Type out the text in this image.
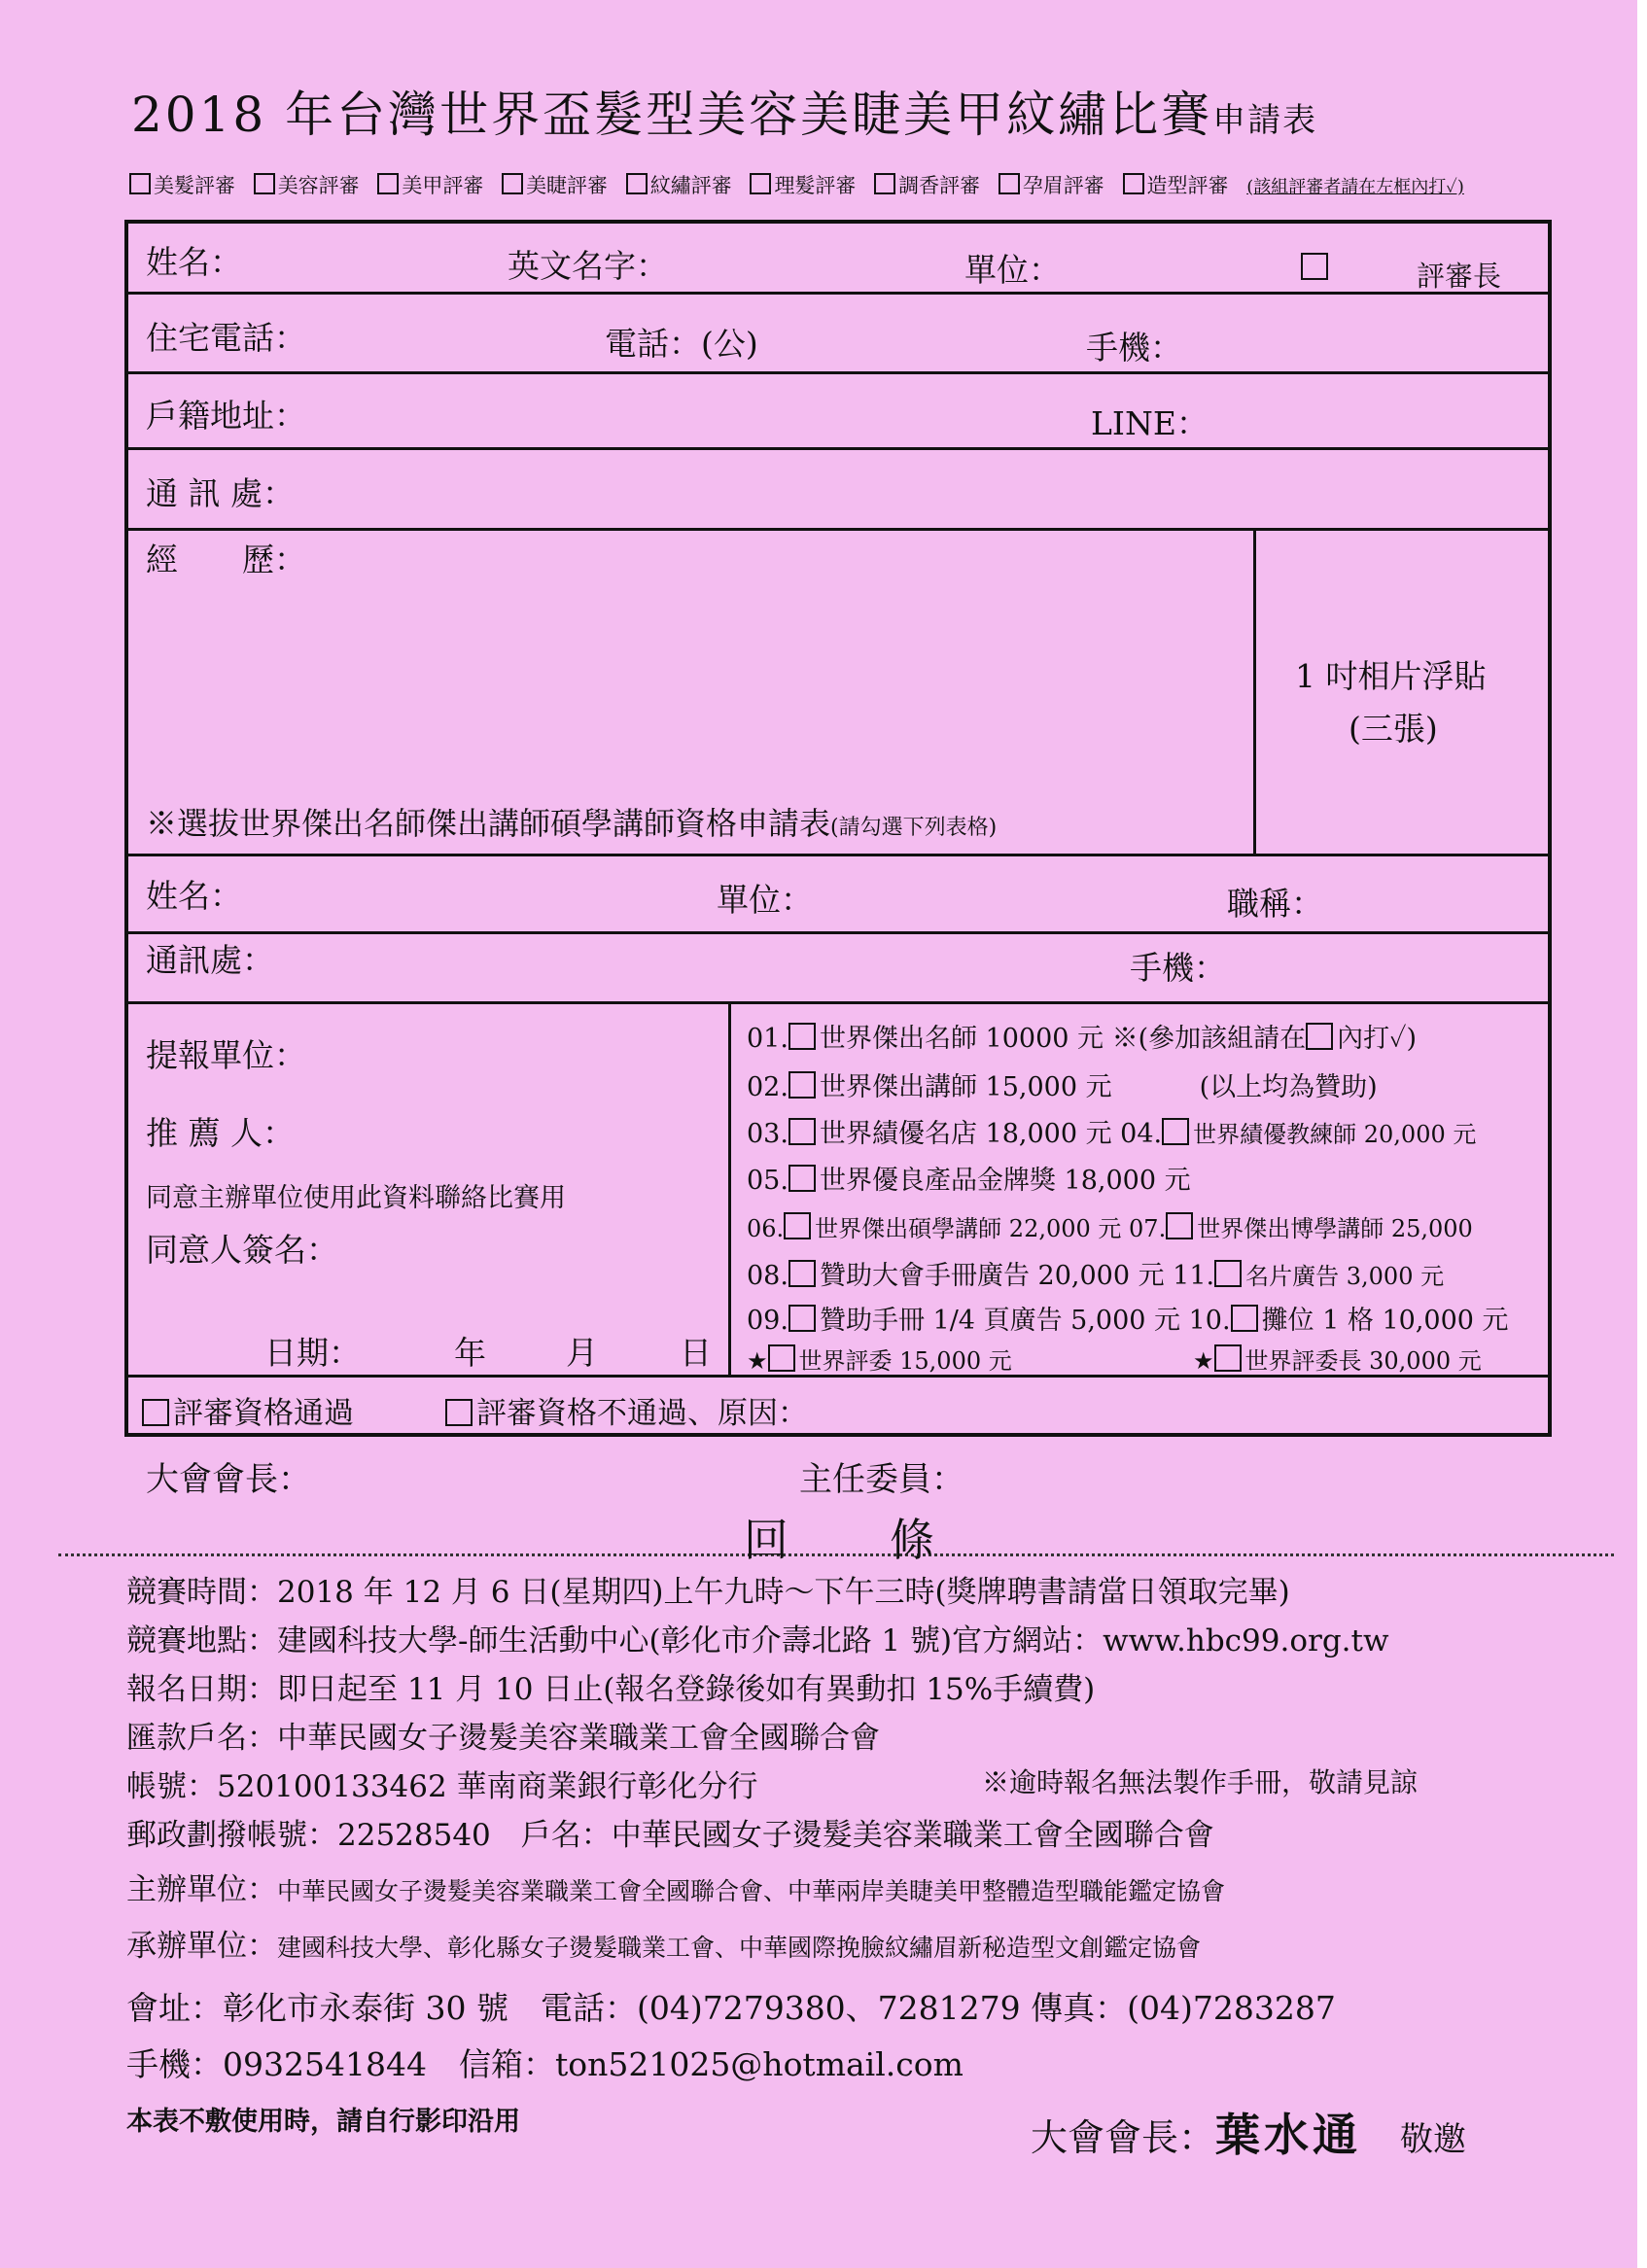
2018 年台灣世界盃髮型美容美睫美甲紋繡比賽申請表
美髮評審 美容評審 美甲評審 美睫評審 紋繡評審 理髮評審 調香評審 孕眉評審 造型評審 (該組評審者請在左框內打✓)
姓名：	英文名字：	單位：	評審長
住宅電話：	電話：(公)	手機：
戶籍地址：	LINE：
通 訊 處：
經　　歷：
1 吋相片浮貼
(三張)
※選拔世界傑出名師傑出講師碩學講師資格申請表(請勾選下列表格)
姓名：	單位：	職稱：
通訊處：	手機：
提報單位：
推 薦 人：
同意主辦單位使用此資料聯絡比賽用
同意人簽名：
日期：	年 月	日
01. 世界傑出名師 10000 元 ※(參加該組請在 內打✓)
02. 世界傑出講師 15,000 元	(以上均為贊助)
03. 世界績優名店 18,000 元 04. 世界績優教練師 20,000 元
05. 世界優良產品金牌獎 18,000 元
06. 世界傑出碩學講師 22,000 元 07. 世界傑出博學講師 25,000
08. 贊助大會手冊廣告 20,000 元 11. 名片廣告 3,000 元
09. 贊助手冊 1/4 頁廣告 5,000 元 10. 攤位 1 格 10,000 元
★ 世界評委 15,000 元	★ 世界評委長 30,000 元
評審資格通過	評審資格不通過、原因：
大會會長：	主任委員：
回　　條
競賽時間：2018 年 12 月 6 日(星期四)上午九時～下午三時(獎牌聘書請當日領取完畢)
競賽地點：建國科技大學-師生活動中心(彰化市介壽北路 1 號)官方網站：www.hbc99.org.tw
報名日期：即日起至 11 月 10 日止(報名登錄後如有異動扣 15%手續費)
匯款戶名：中華民國女子燙髮美容業職業工會全國聯合會
帳號：520100133462 華南商業銀行彰化分行	※逾時報名無法製作手冊，敬請見諒
郵政劃撥帳號：22528540　戶名：中華民國女子燙髮美容業職業工會全國聯合會
主辦單位：中華民國女子燙髮美容業職業工會全國聯合會、中華兩岸美睫美甲整體造型職能鑑定協會
承辦單位：建國科技大學、彰化縣女子燙髮職業工會、中華國際挽臉紋繡眉新秘造型文創鑑定協會
會址：彰化市永泰街 30 號　電話：(04)7279380、7281279 傳真：(04)7283287
手機：0932541844　信箱：ton521025@hotmail.com
本表不敷使用時，請自行影印沿用	大會會長：葉水通 敬邀
